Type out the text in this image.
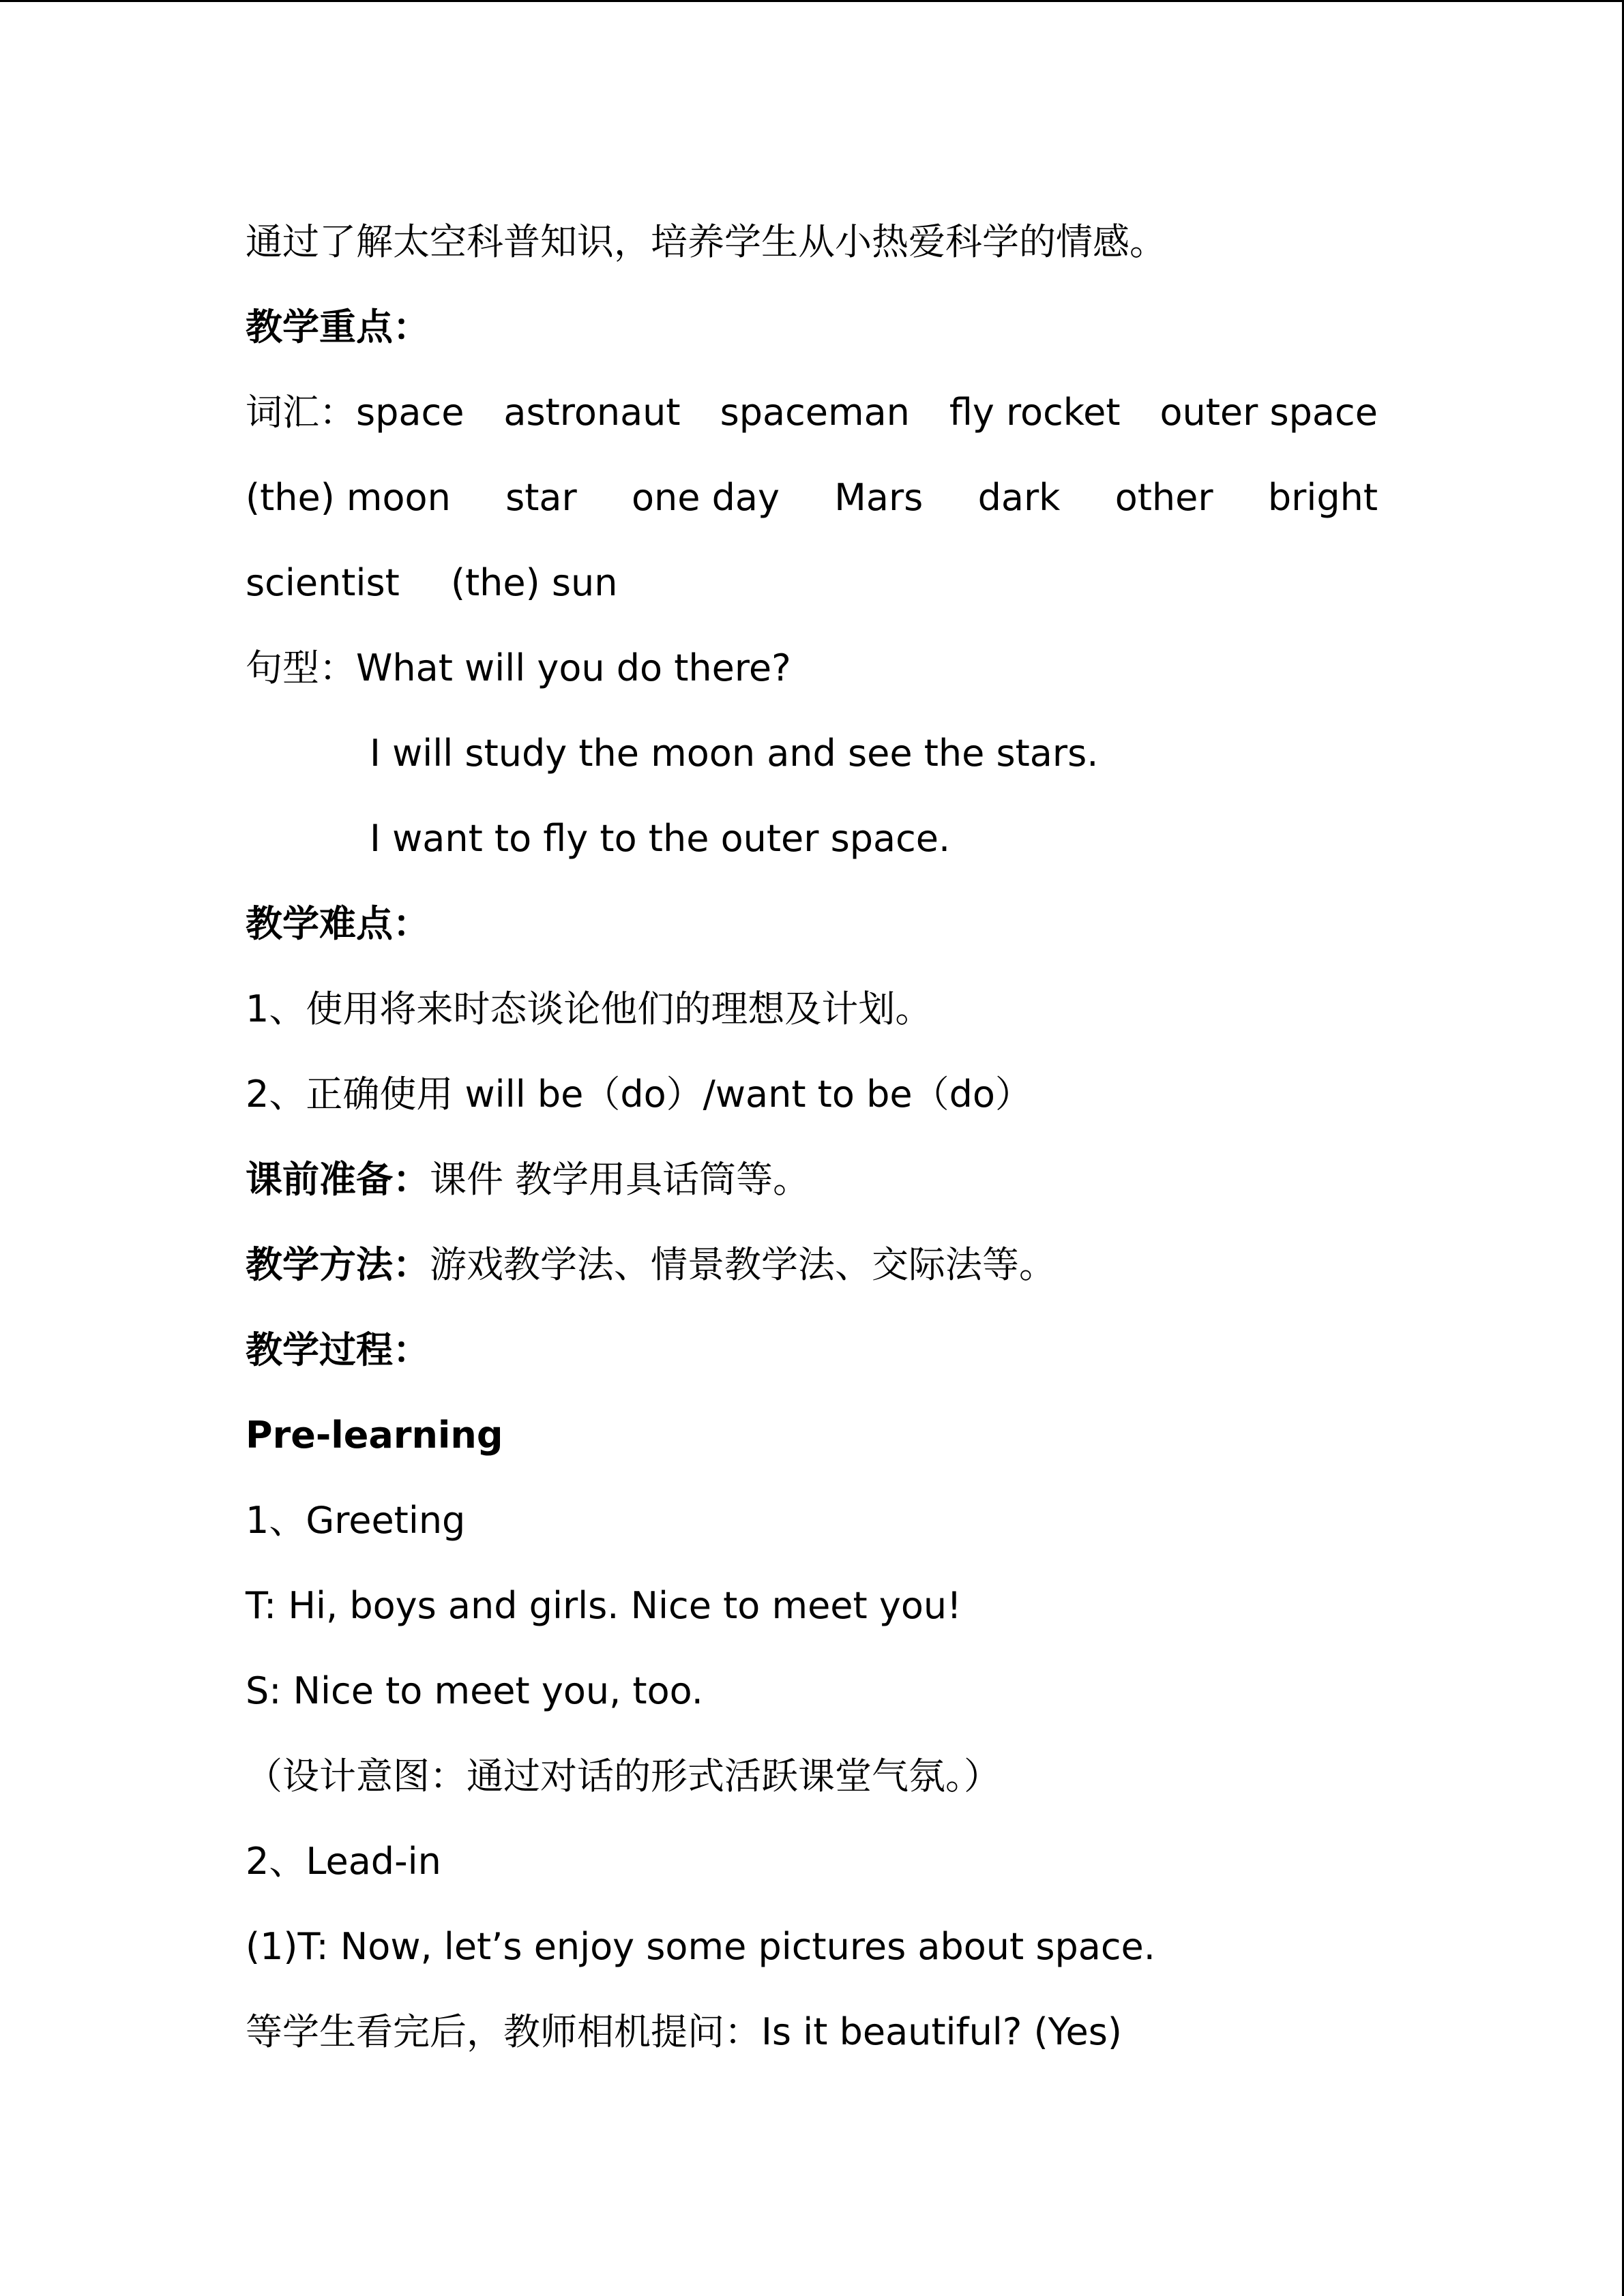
通过了解太空科普知识，培养学生从小热爱科学的情感。
教学重点：
词汇：space astronaut spaceman fly rocket outer space
(the) moon star one day Mars dark other bright
scientist (the) sun
句型：What will you do there?
I will study the moon and see the stars.
I want to fly to the outer space.
教学难点：
1、使用将来时态谈论他们的理想及计划。
2、正确使用 will be（do）/want to be（do）
课前准备：课件 教学用具话筒等。
教学方法：游戏教学法、情景教学法、交际法等。
教学过程：
Pre-learning
1、Greeting
T: Hi, boys and girls. Nice to meet you!
S: Nice to meet you, too.
（设计意图：通过对话的形式活跃课堂气氛。）
2、Lead-in
(1)T: Now, let’s enjoy some pictures about space.
等学生看完后，教师相机提问：Is it beautiful? (Yes)
